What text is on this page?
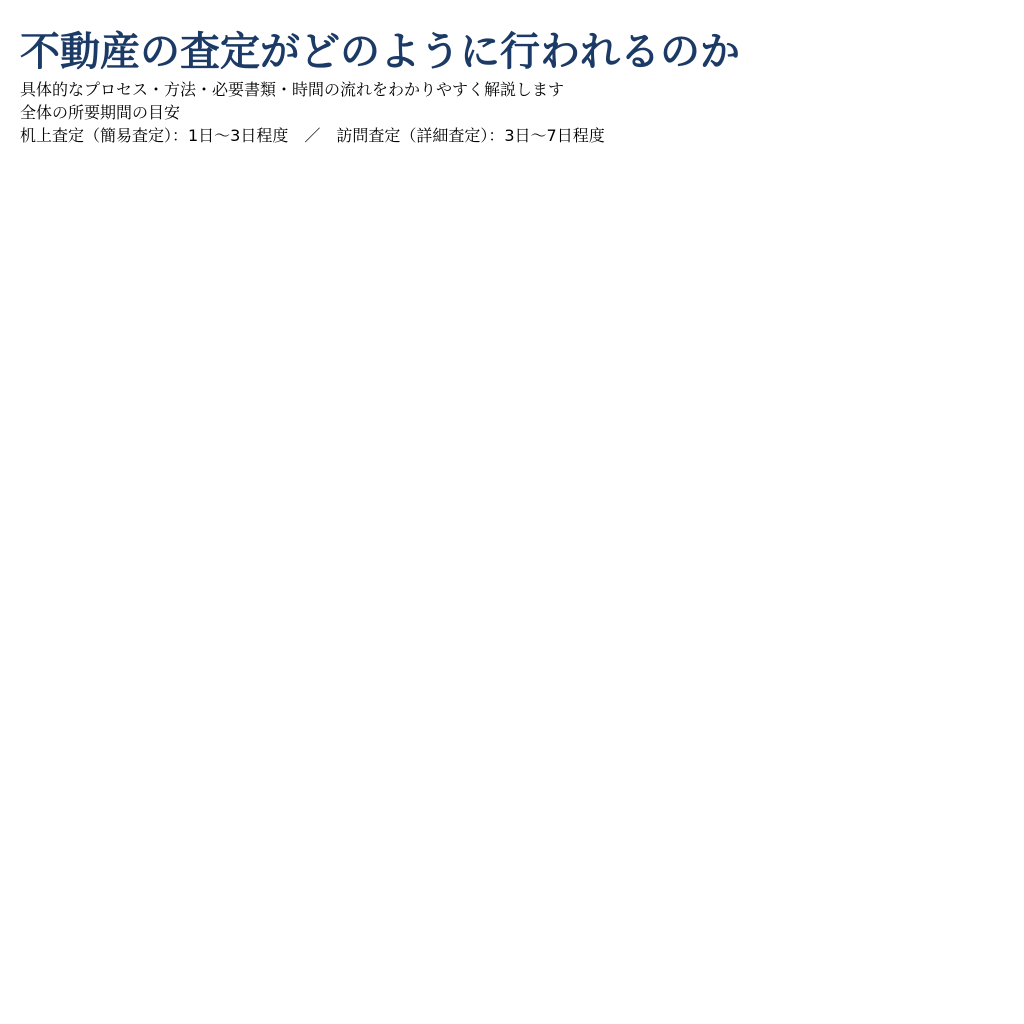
不動産の査定がどのように行われるのか
具体的なプロセス・方法・必要書類・時間の流れをわかりやすく解説します
全体の所要期間の目安
机上査定（簡易査定）：1日〜3日程度　／　訪問査定（詳細査定）：3日〜7日程度
